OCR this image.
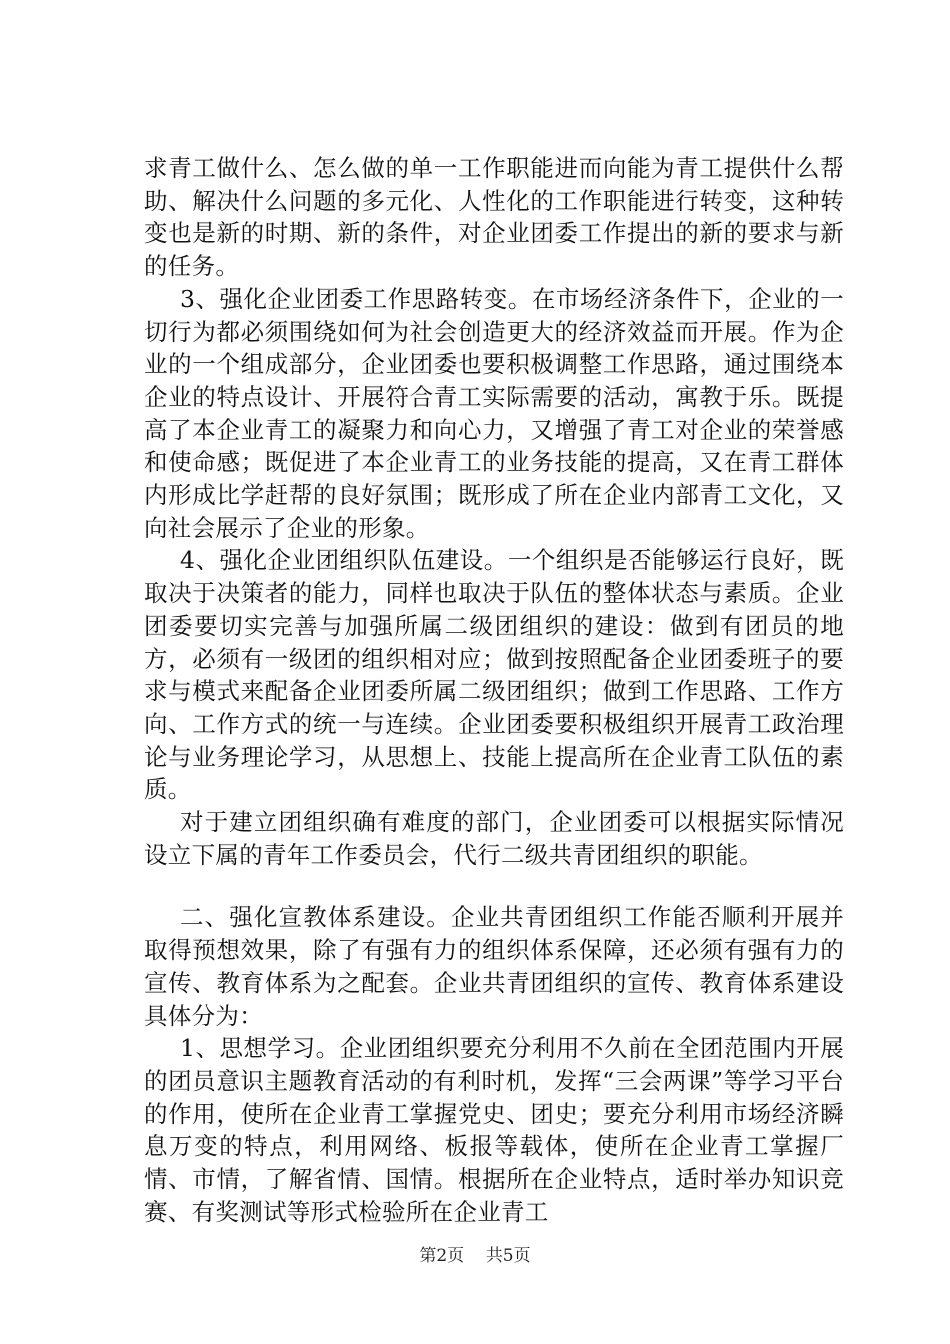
求青工做什么、怎么做的单一工作职能进而向能为青工提供什么帮助、解决什么问题的多元化、人性化的工作职能进行转变，这种转变也是新的时期、新的条件，对企业团委工作提出的新的要求与新的任务。

3、强化企业团委工作思路转变。在市场经济条件下，企业的一切行为都必须围绕如何为社会创造更大的经济效益而开展。作为企业的一个组成部分，企业团委也要积极调整工作思路，通过围绕本企业的特点设计、开展符合青工实际需要的活动，寓教于乐。既提高了本企业青工的凝聚力和向心力，又增强了青工对企业的荣誉感和使命感；既促进了本企业青工的业务技能的提高，又在青工群体内形成比学赶帮的良好氛围；既形成了所在企业内部青工文化，又向社会展示了企业的形象。

4、强化企业团组织队伍建设。一个组织是否能够运行良好，既取决于决策者的能力，同样也取决于队伍的整体状态与素质。企业团委要切实完善与加强所属二级团组织的建设：做到有团员的地方，必须有一级团的组织相对应；做到按照配备企业团委班子的要求与模式来配备企业团委所属二级团组织；做到工作思路、工作方向、工作方式的统一与连续。企业团委要积极组织开展青工政治理论与业务理论学习，从思想上、技能上提高所在企业青工队伍的素质。

对于建立团组织确有难度的部门，企业团委可以根据实际情况设立下属的青年工作委员会，代行二级共青团组织的职能。

二、强化宣教体系建设。企业共青团组织工作能否顺利开展并取得预想效果，除了有强有力的组织体系保障，还必须有强有力的宣传、教育体系为之配套。企业共青团组织的宣传、教育体系建设具体分为：

1、思想学习。企业团组织要充分利用不久前在全团范围内开展的团员意识主题教育活动的有利时机，发挥“三会两课”等学习平台的作用，使所在企业青工掌握党史、团史；要充分利用市场经济瞬息万变的特点，利用网络、板报等载体，使所在企业青工掌握厂情、市情，了解省情、国情。根据所在企业特点，适时举办知识竞赛、有奖测试等形式检验所在企业青工

第2页 共5页
